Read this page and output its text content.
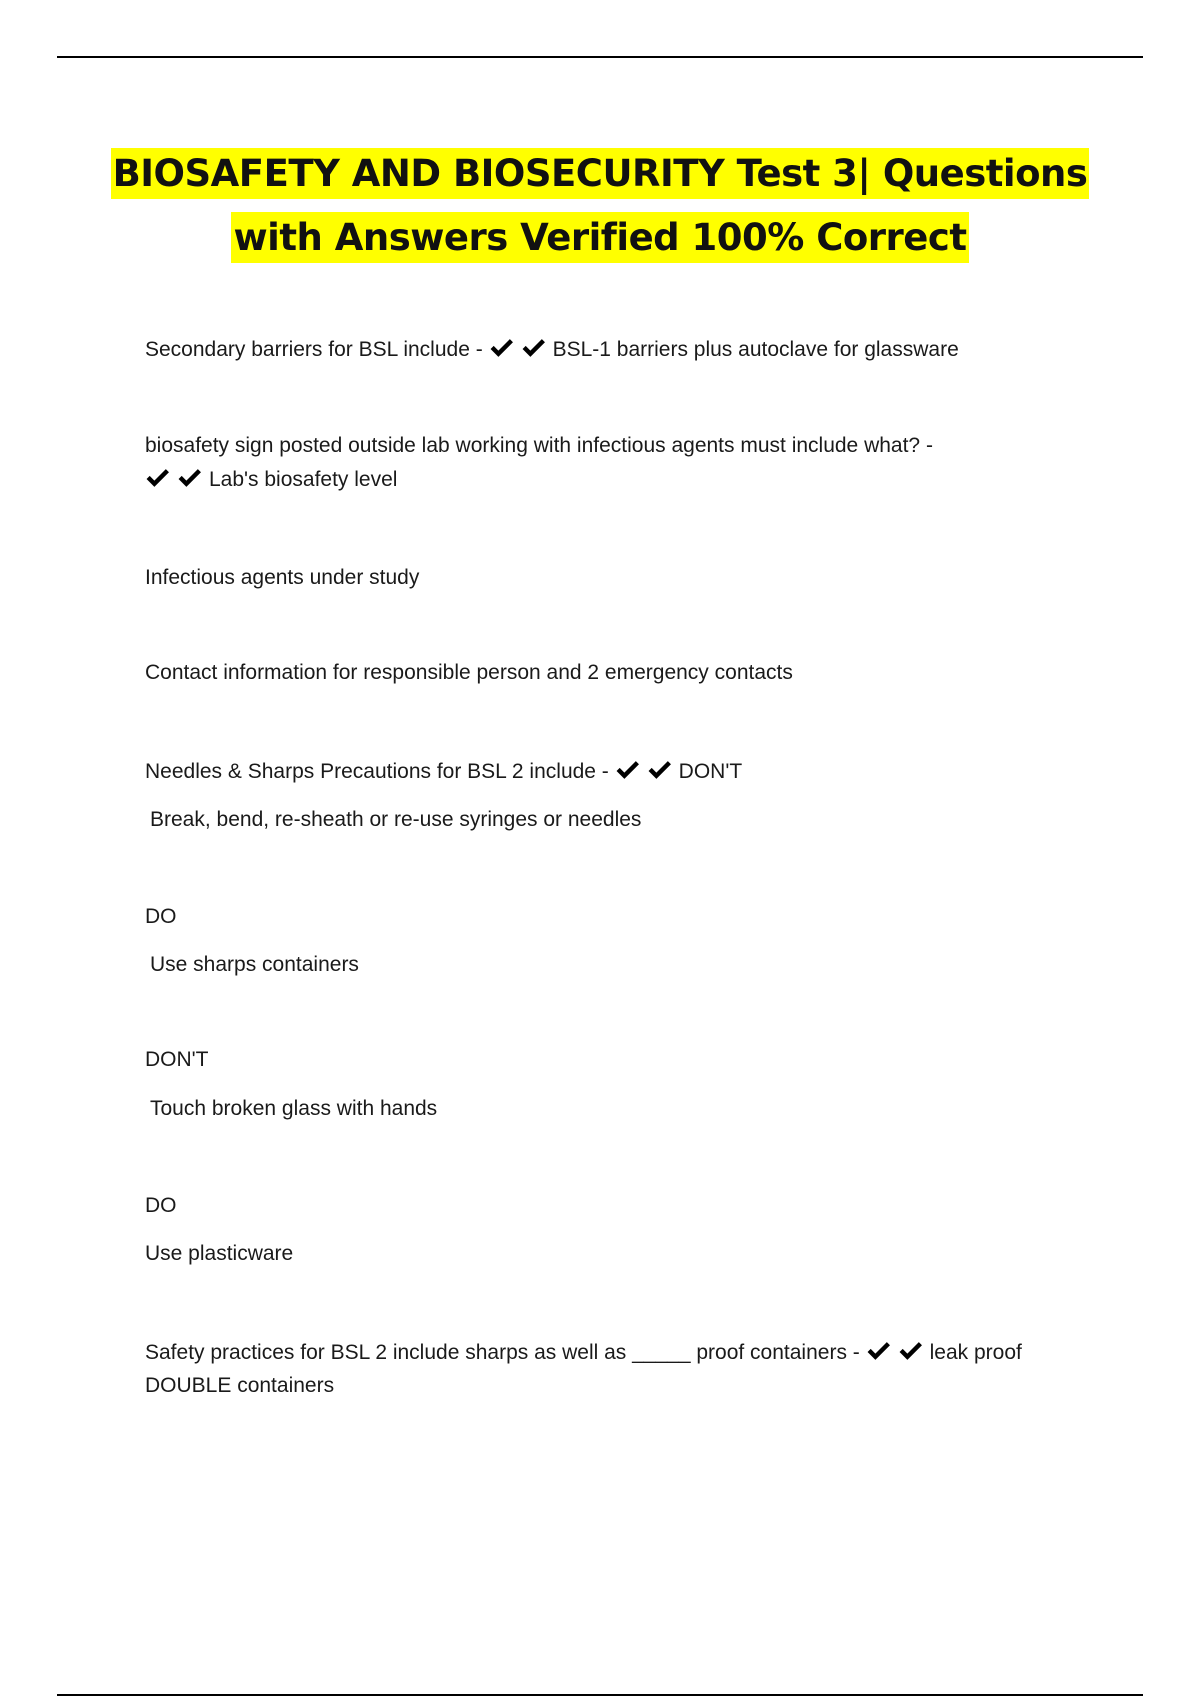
BIOSAFETY AND BIOSECURITY Test 3| Questions
with Answers Verified 100% Correct
Secondary barriers for BSL include -	BSL-1 barriers plus autoclave for glassware
biosafety sign posted outside lab working with infectious agents must include what? -
Lab's biosafety level
Infectious agents under study
Contact information for responsible person and 2 emergency contacts
Needles & Sharps Precautions for BSL 2 include -	DON'T
Break, bend, re-sheath or re-use syringes or needles
DO
Use sharps containers
DON'T
Touch broken glass with hands
DO
Use plasticware
Safety practices for BSL 2 include sharps as well as _____ proof containers -	leak proof
DOUBLE containers
